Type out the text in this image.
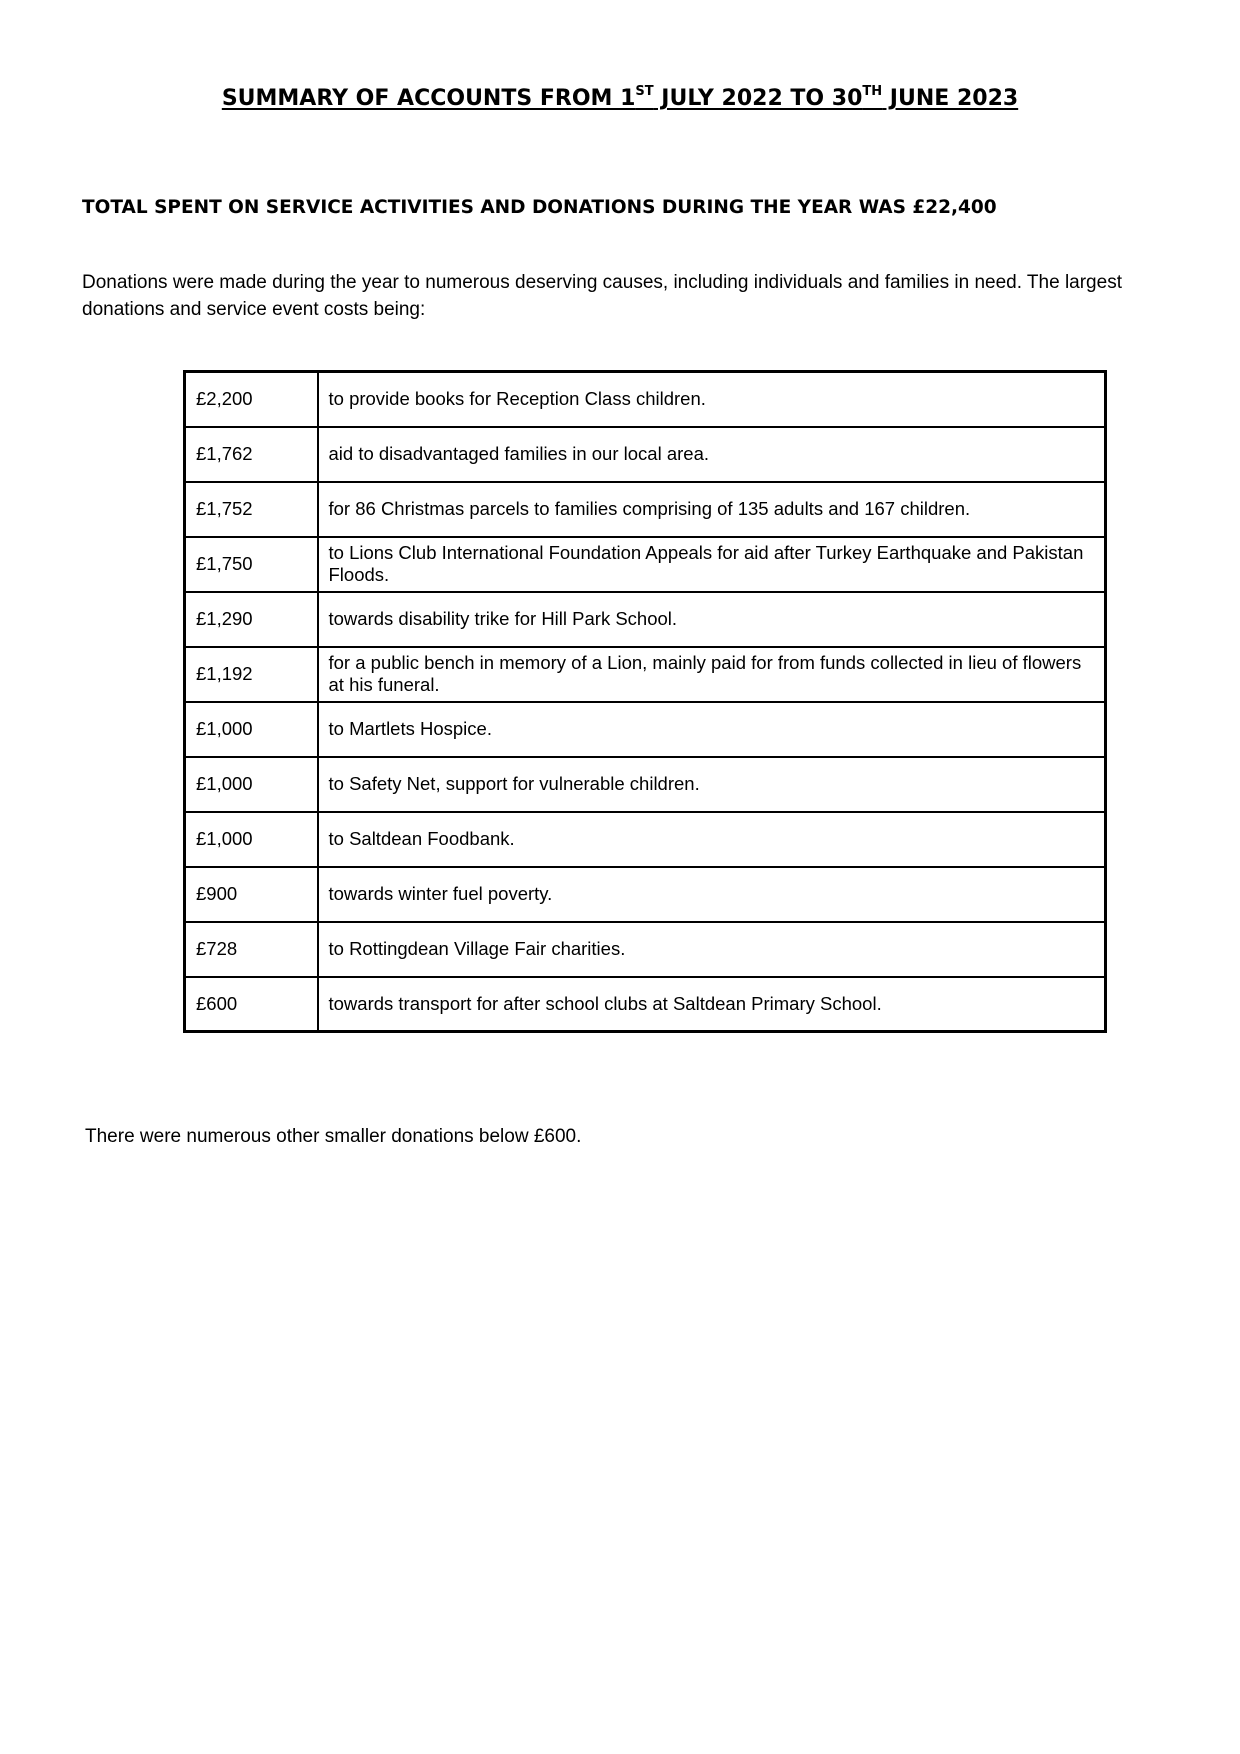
SUMMARY OF ACCOUNTS FROM 1ST JULY 2022 TO 30TH JUNE 2023
TOTAL SPENT ON SERVICE ACTIVITIES AND DONATIONS DURING THE YEAR WAS £22,400
Donations were made during the year to numerous deserving causes, including individuals and families in need. The largest donations and service event costs being:
£2,200	to provide books for Reception Class children.
£1,762	aid to disadvantaged families in our local area.
£1,752	for 86 Christmas parcels to families comprising of 135 adults and 167 children.
£1,750	to Lions Club International Foundation Appeals for aid after Turkey Earthquake and Pakistan Floods.
£1,290	towards disability trike for Hill Park School.
£1,192	for a public bench in memory of a Lion, mainly paid for from funds collected in lieu of flowers at his funeral.
£1,000	to Martlets Hospice.
£1,000	to Safety Net, support for vulnerable children.
£1,000	to Saltdean Foodbank.
£900	towards winter fuel poverty.
£728	to Rottingdean Village Fair charities.
£600	towards transport for after school clubs at Saltdean Primary School.
There were numerous other smaller donations below £600.
